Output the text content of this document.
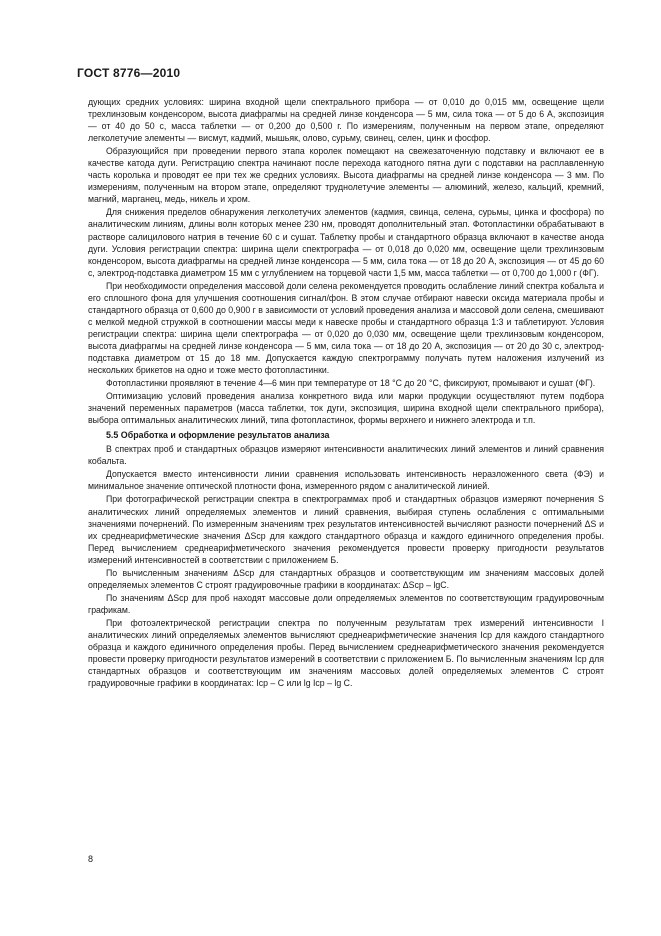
ГОСТ 8776—2010

дующих средних условиях: ширина входной щели спектрального прибора — от 0,010 до 0,015 мм, освещение щели трехлинзовым конденсором, высота диафрагмы на средней линзе конденсора — 5 мм, сила тока — от 5 до 6 А, экспозиция — от 40 до 50 с, масса таблетки — от 0,200 до 0,500 г. По измерениям, полученным на первом этапе, определяют легколетучие элементы — висмут, кадмий, мышьяк, олово, сурьму, свинец, селен, цинк и фосфор.

Образующийся при проведении первого этапа королек помещают на свежезаточенную подставку и включают ее в качестве катода дуги. Регистрацию спектра начинают после перехода катодного пятна дуги с подставки на расплавленную часть королька и проводят ее при тех же средних условиях. Высота диафрагмы на средней линзе конденсора — 3 мм. По измерениям, полученным на втором этапе, определяют труднолетучие элементы — алюминий, железо, кальций, кремний, магний, марганец, медь, никель и хром.

Для снижения пределов обнаружения легколетучих элементов (кадмия, свинца, селена, сурьмы, цинка и фосфора) по аналитическим линиям, длины волн которых менее 230 нм, проводят дополнительный этап. Фотопластинки обрабатывают в растворе салицилового натрия в течение 60 с и сушат. Таблетку пробы и стандартного образца включают в качестве анода дуги. Условия регистрации спектра: ширина щели спектрографа — от 0,018 до 0,020 мм, освещение щели трехлинзовым конденсором, высота диафрагмы на средней линзе конденсора — 5 мм, сила тока — от 18 до 20 А, экспозиция — от 45 до 60 с, электрод-подставка диаметром 15 мм с углублением на торцевой части 1,5 мм, масса таблетки — от 0,700 до 1,000 г (ФГ).

При необходимости определения массовой доли селена рекомендуется проводить ослабление линий спектра кобальта и его сплошного фона для улучшения соотношения сигнал/фон. В этом случае отбирают навески оксида материала пробы и стандартного образца от 0,600 до 0,900 г в зависимости от условий проведения анализа и массовой доли селена, смешивают с мелкой медной стружкой в соотношении массы меди к навеске пробы и стандартного образца 1:3 и таблетируют. Условия регистрации спектра: ширина щели спектрографа — от 0,020 до 0,030 мм, освещение щели трехлинзовым конденсором, высота диафрагмы на средней линзе конденсора — 5 мм, сила тока — от 18 до 20 А, экспозиция — от 20 до 30 с, электрод-подставка диаметром от 15 до 18 мм. Допускается каждую спектрограмму получать путем наложения излучений из нескольких брикетов на одно и тоже место фотопластинки.

Фотопластинки проявляют в течение 4—6 мин при температуре от 18 °С до 20 °С, фиксируют, промывают и сушат (ФГ).

Оптимизацию условий проведения анализа конкретного вида или марки продукции осуществляют путем подбора значений переменных параметров (масса таблетки, ток дуги, экспозиция, ширина входной щели спектрального прибора), выбора оптимальных аналитических линий, типа фотопластинок, формы верхнего и нижнего электрода и т.п.

5.5 Обработка и оформление результатов анализа

В спектрах проб и стандартных образцов измеряют интенсивности аналитических линий элементов и линий сравнения кобальта.

Допускается вместо интенсивности линии сравнения использовать интенсивность неразложенного света (ФЭ) и минимальное значение оптической плотности фона, измеренного рядом с аналитической линией.

При фотографической регистрации спектра в спектрограммах проб и стандартных образцов измеряют почернения S аналитических линий определяемых элементов и линий сравнения, выбирая ступень ослабления с оптимальными значениями почернений. По измеренным значениям трех результатов интенсивностей вычисляют разности почернений ΔS и их среднеарифметические значения ΔSср для каждого стандартного образца и каждого единичного определения пробы. Перед вычислением среднеарифметического значения рекомендуется провести проверку пригодности результатов измерений интенсивностей в соответствии с приложением Б.

По вычисленным значениям ΔSср для стандартных образцов и соответствующим им значениям массовых долей определяемых элементов С строят градуировочные графики в координатах: ΔSср – lgC.

По значениям ΔSср для проб находят массовые доли определяемых элементов по соответствующим градуировочным графикам.

При фотоэлектрической регистрации спектра по полученным результатам трех измерений интенсивности I аналитических линий определяемых элементов вычисляют среднеарифметические значения Iср для каждого стандартного образца и каждого единичного определения пробы. Перед вычислением среднеарифметического значения рекомендуется провести проверку пригодности результатов измерений в соответствии с приложением Б. По вычисленным значениям Iср для стандартных образцов и соответствующим им значениям массовых долей определяемых элементов С строят градуировочные графики в координатах: Iср – С или lg Iср – lg C.

8
